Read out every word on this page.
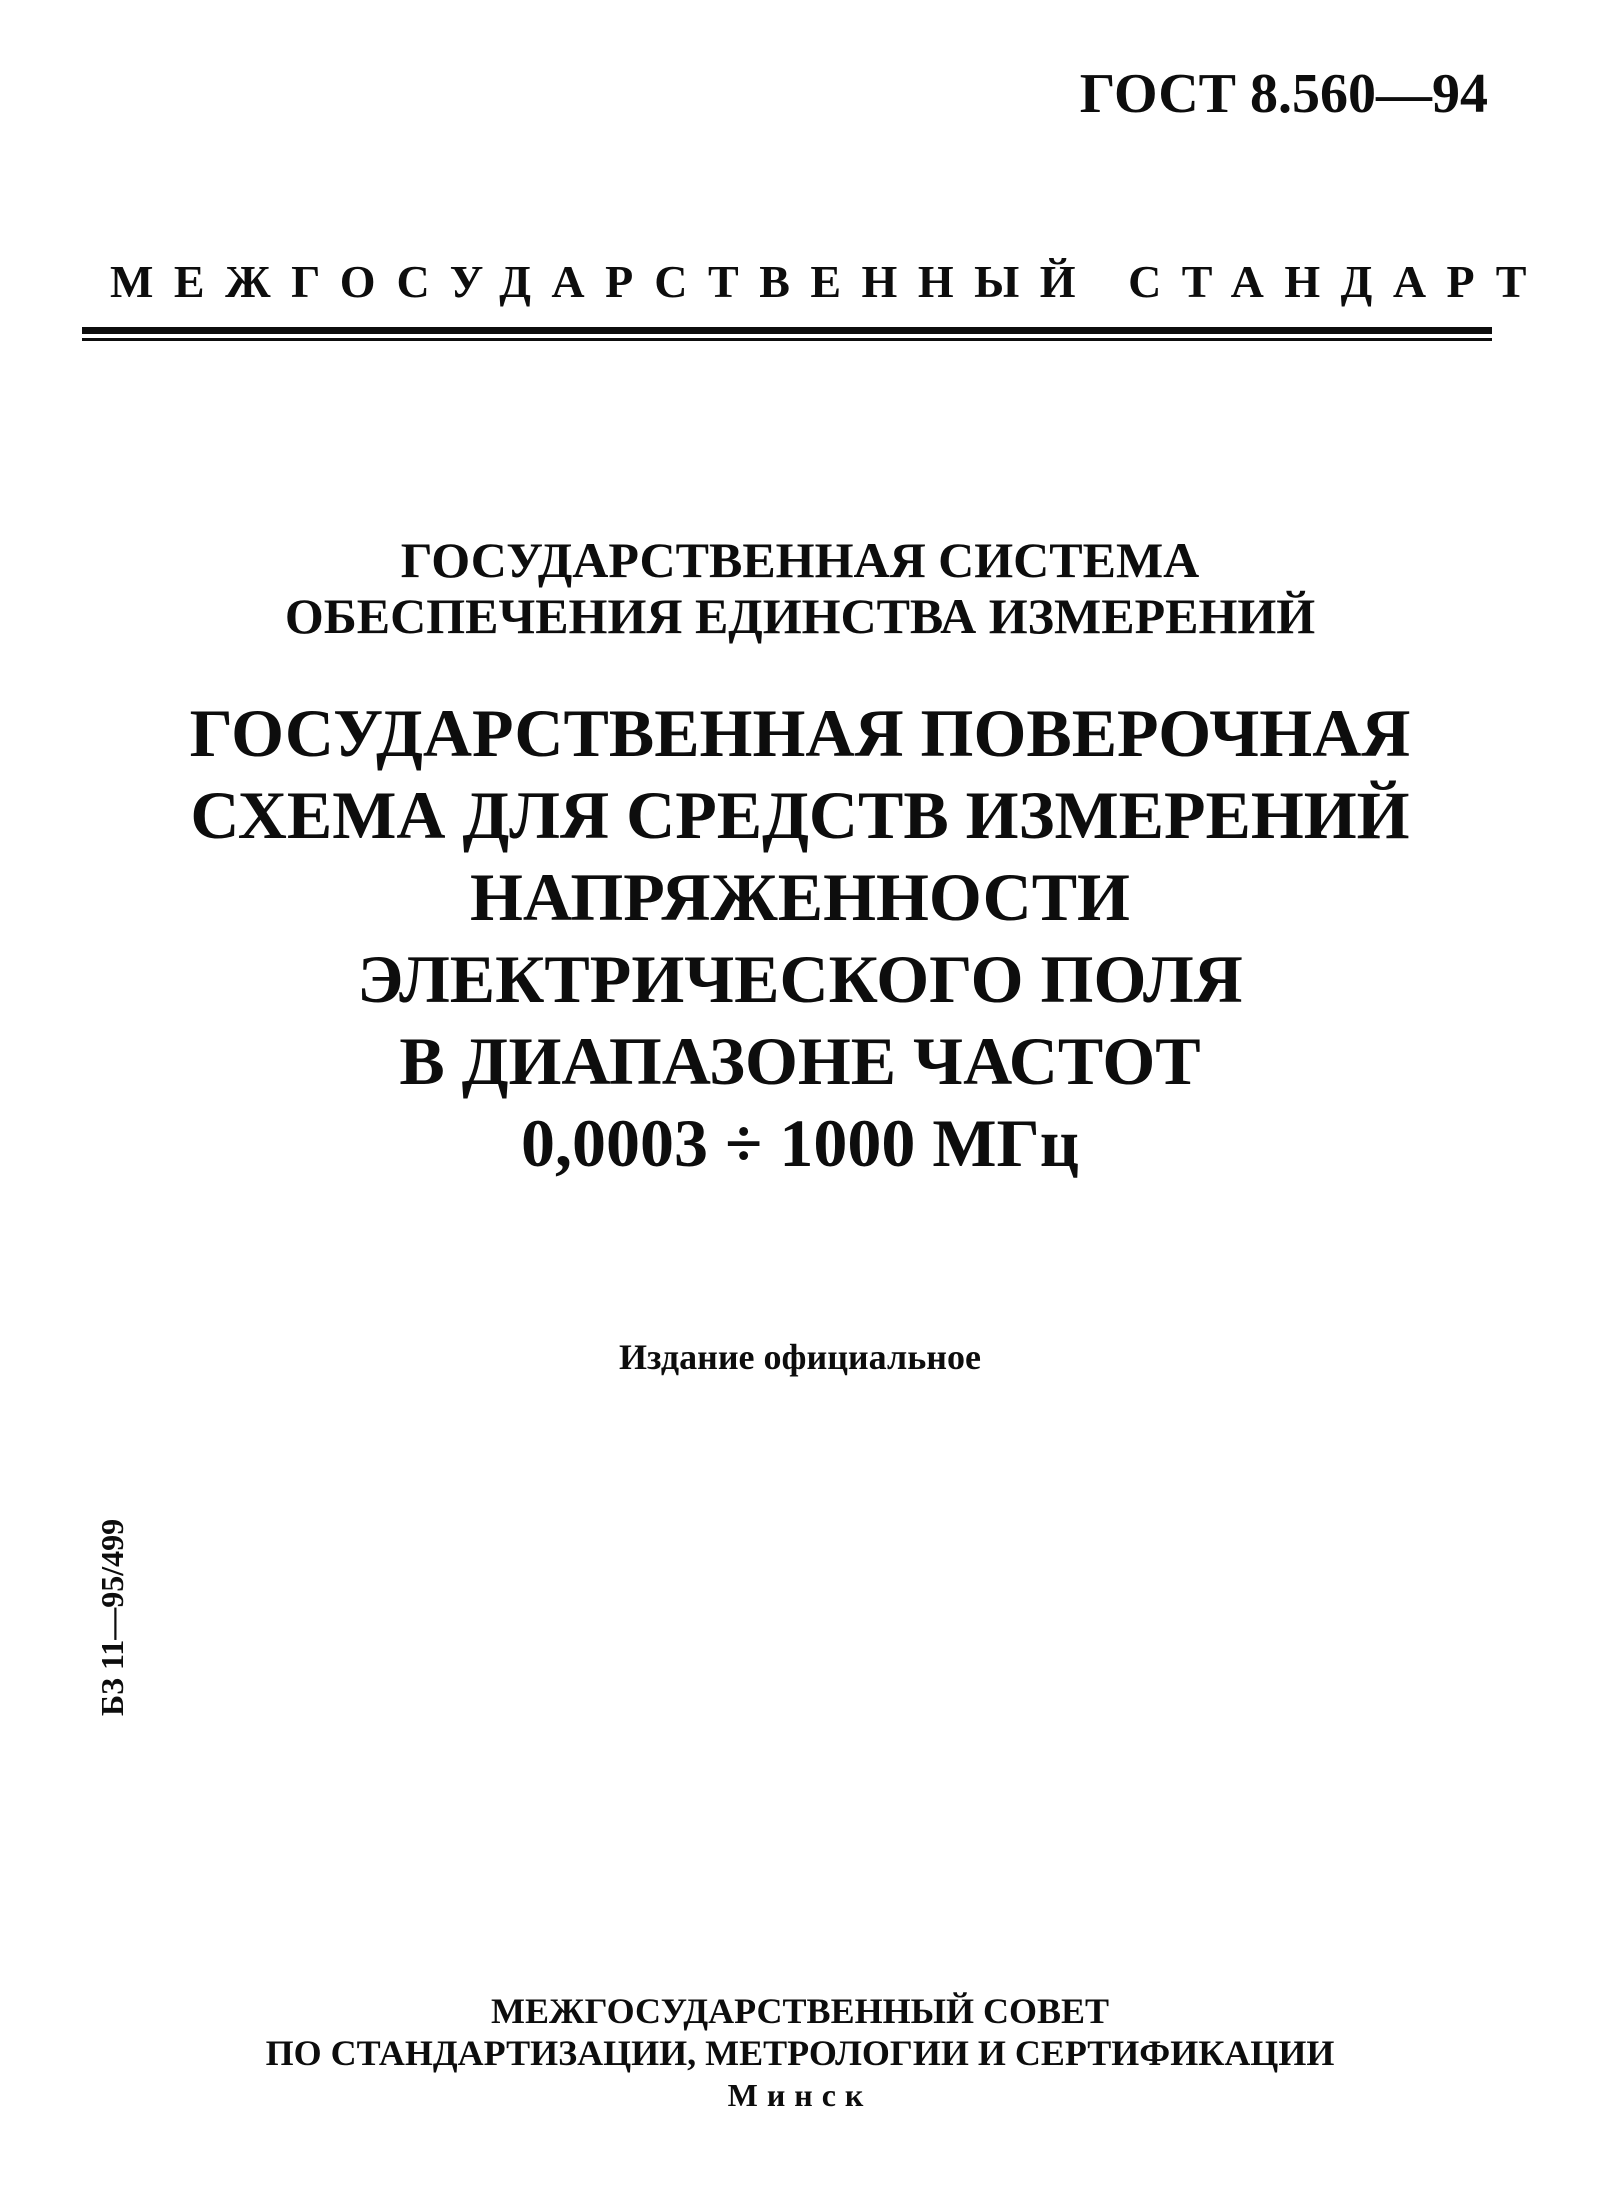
ГОСТ 8.560—94
МЕЖГОСУДАРСТВЕННЫЙ СТАНДАРТ
ГОСУДАРСТВЕННАЯ СИСТЕМА
ОБЕСПЕЧЕНИЯ ЕДИНСТВА ИЗМЕРЕНИЙ
ГОСУДАРСТВЕННАЯ ПОВЕРОЧНАЯ
СХЕМА ДЛЯ СРЕДСТВ ИЗМЕРЕНИЙ
НАПРЯЖЕННОСТИ
ЭЛЕКТРИЧЕСКОГО ПОЛЯ
В ДИАПАЗОНЕ ЧАСТОТ
0,0003 ÷ 1000 МГц
Издание официальное
БЗ 11—95/499
МЕЖГОСУДАРСТВЕННЫЙ СОВЕТ
ПО СТАНДАРТИЗАЦИИ, МЕТРОЛОГИИ И СЕРТИФИКАЦИИ
Минск
